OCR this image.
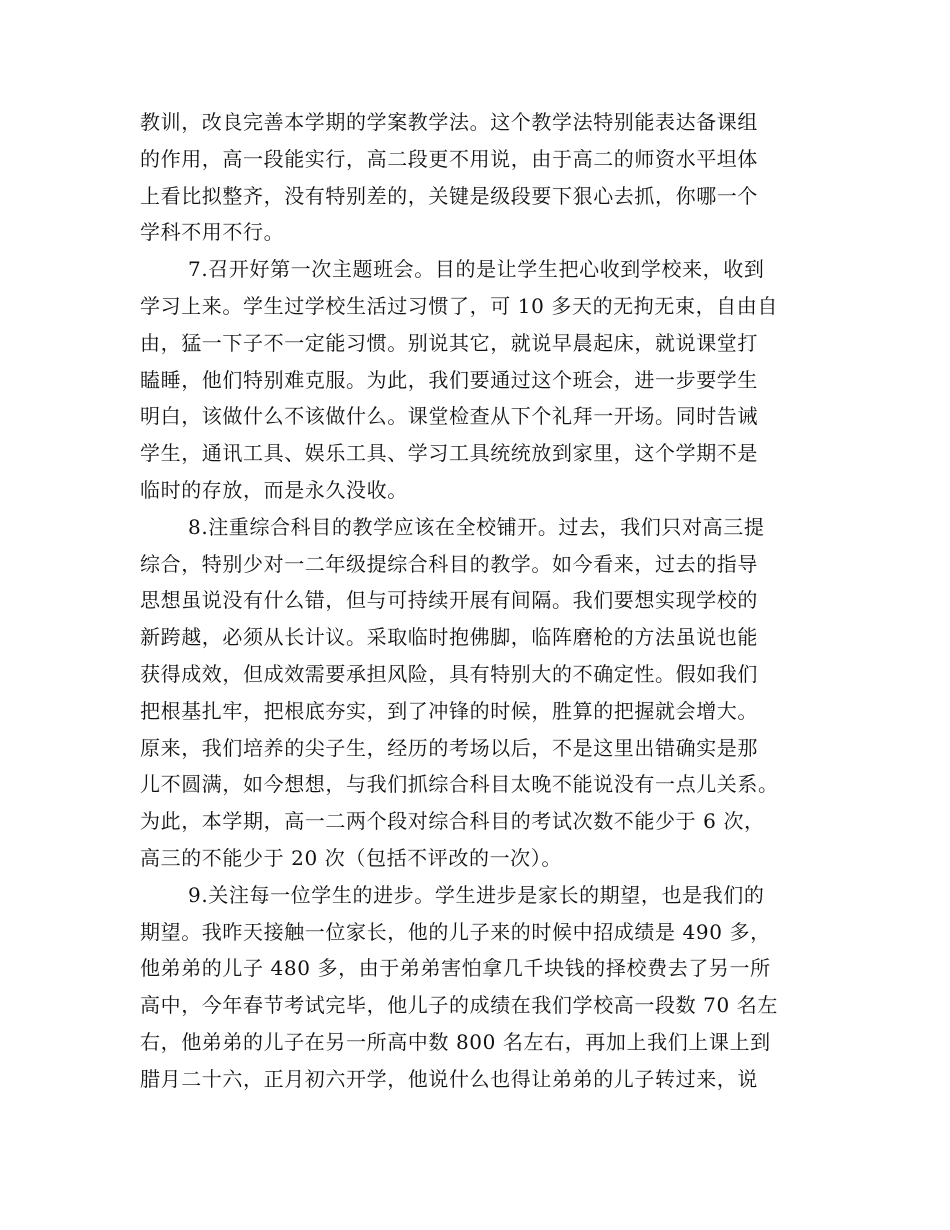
教训，改良完善本学期的学案教学法。这个教学法特别能表达备课组
的作用，高一段能实行，高二段更不用说，由于高二的师资水平坦体
上看比拟整齐，没有特别差的，关键是级段要下狠心去抓，你哪一个
学科不用不行。
7.召开好第一次主题班会。目的是让学生把心收到学校来，收到
学习上来。学生过学校生活过习惯了，可 10 多天的无拘无束，自由自
由，猛一下子不一定能习惯。别说其它，就说早晨起床，就说课堂打
瞌睡，他们特别难克服。为此，我们要通过这个班会，进一步要学生
明白，该做什么不该做什么。课堂检查从下个礼拜一开场。同时告诫
学生，通讯工具、娱乐工具、学习工具统统放到家里，这个学期不是
临时的存放，而是永久没收。
8.注重综合科目的教学应该在全校铺开。过去，我们只对高三提
综合，特别少对一二年级提综合科目的教学。如今看来，过去的指导
思想虽说没有什么错，但与可持续开展有间隔。我们要想实现学校的
新跨越，必须从长计议。采取临时抱佛脚，临阵磨枪的方法虽说也能
获得成效，但成效需要承担风险，具有特别大的不确定性。假如我们
把根基扎牢，把根底夯实，到了冲锋的时候，胜算的把握就会增大。
原来，我们培养的尖子生，经历的考场以后，不是这里出错确实是那
儿不圆满，如今想想，与我们抓综合科目太晚不能说没有一点儿关系。
为此，本学期，高一二两个段对综合科目的考试次数不能少于 6 次，
高三的不能少于 20 次（包括不评改的一次）。
9.关注每一位学生的进步。学生进步是家长的期望，也是我们的
期望。我昨天接触一位家长，他的儿子来的时候中招成绩是 490 多，
他弟弟的儿子 480 多，由于弟弟害怕拿几千块钱的择校费去了另一所
高中，今年春节考试完毕，他儿子的成绩在我们学校高一段数 70 名左
右，他弟弟的儿子在另一所高中数 800 名左右，再加上我们上课上到
腊月二十六，正月初六开学，他说什么也得让弟弟的儿子转过来，说
